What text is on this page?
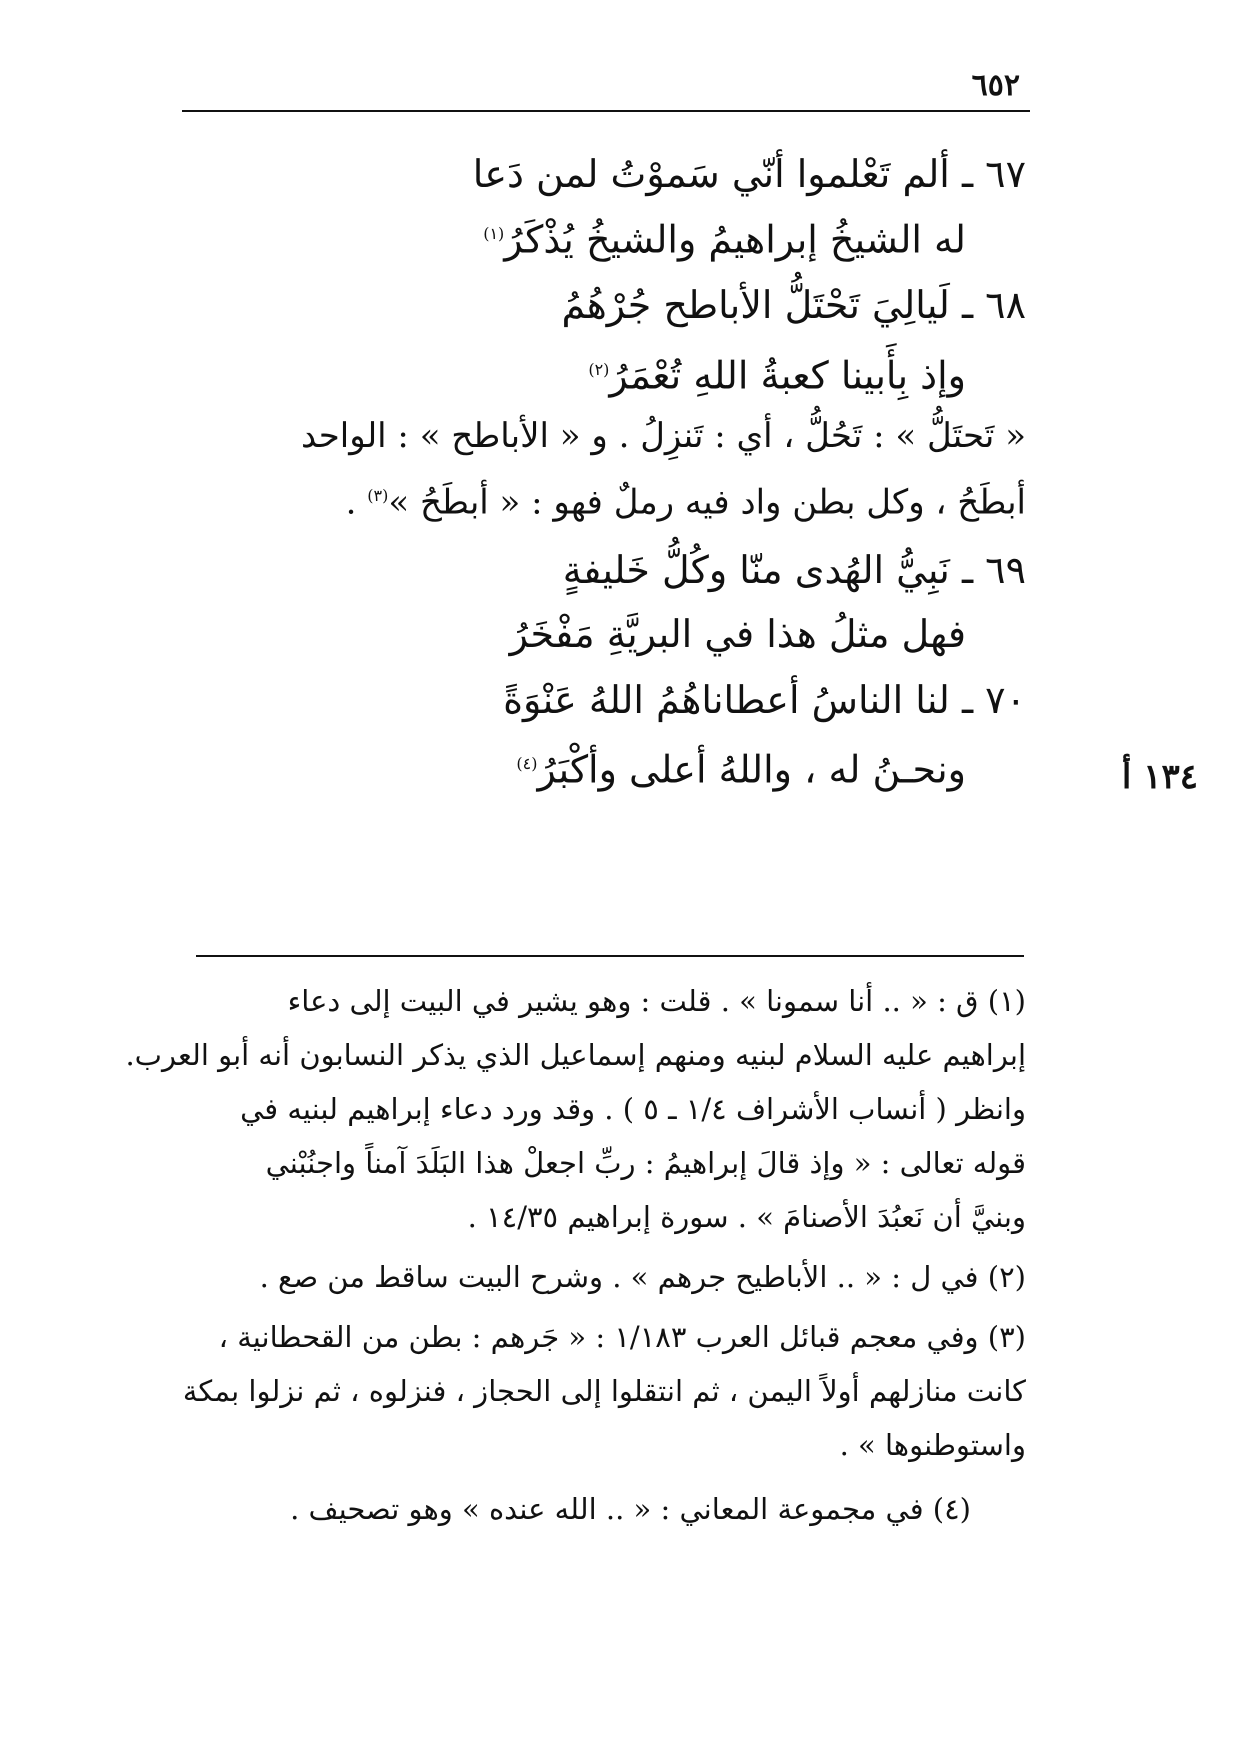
٦٥٢
٦٧ ـ ألم تَعْلموا أنّي سَموْتُ لمن دَعا
له الشيخُ إبراهيمُ والشيخُ يُذْكَرُ$^{(١)}$
٦٨ ـ لَيالِيَ تَحْتَلُّ الأباطح جُرْهُمُ
وإذ بِأَبينا كعبةُ اللهِ تُعْمَرُ$^{(٢)}$
« تَحتَلُّ » : تَحُلُّ ، أي : تَنزِلُ . و « الأباطح » : الواحد
أبطَحُ ، وكل بطن واد فيه رملٌ فهو : « أبطَحُ »$^{(٣)}$ .
٦٩ ـ نَبِيُّ الهُدى منّا وكُلُّ خَليفةٍ
فهل مثلُ هذا في البريَّةِ مَفْخَرُ
٧٠ ـ لنا الناسُ أعطاناهُمُ اللهُ عَنْوَةً
ونحـنُ له ، واللهُ أعلى وأكْبَرُ$^{(٤)}$	١٣٤ أ
(١) ق : « .. أنا سمونا » . قلت : وهو يشير في البيت إلى دعاء
إبراهيم عليه السلام لبنيه ومنهم إسماعيل الذي يذكر النسابون أنه أبو العرب.
وانظر ( أنساب الأشراف ١/٤ ـ ٥ ) . وقد ورد دعاء إبراهيم لبنيه في
قوله تعالى : « وإذ قالَ إبراهيمُ : ربِّ اجعلْ هذا البَلَدَ آمناً واجنُبْني
وبنيَّ أن نَعبُدَ الأصنامَ » . سورة إبراهيم ١٤/٣٥ .
(٢) في ل : « .. الأباطيح جرهم » . وشرح البيت ساقط من صع .
(٣) وفي معجم قبائل العرب ١/١٨٣ : « جَرهم : بطن من القحطانية ،
كانت منازلهم أولاً اليمن ، ثم انتقلوا إلى الحجاز ، فنزلوه ، ثم نزلوا بمكة
واستوطنوها » .
(٤) في مجموعة المعاني : « .. الله عنده » وهو تصحيف .
